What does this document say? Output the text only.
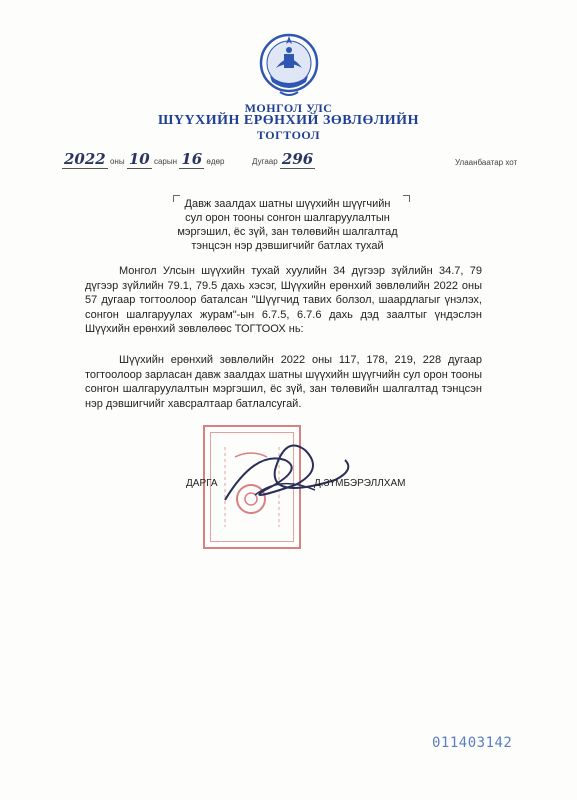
МОНГОЛ УЛС
ШҮҮХИЙН ЕРӨНХИЙ ЗӨВЛӨЛИЙН
ТОГТООЛ
2022 оны 10 сарын 16 өдөр	Дугаар 296	Улаанбаатар хот
Давж заалдах шатны шүүхийн шүүгчийн
сул орон тооны сонгон шалгаруулалтын
мэргэшил, ёс зүй, зан төлөвийн шалгалтад
тэнцсэн нэр дэвшигчийг батлах тухай
Монгол Улсын шүүхийн тухай хуулийн 34 дүгээр зүйлийн 34.7, 79 дүгээр зүйлийн 79.1, 79.5 дахь хэсэг, Шүүхийн ерөнхий зөвлөлийн 2022 оны 57 дугаар тогтоолоор баталсан "Шүүгчид тавих болзол, шаардлагыг үнэлэх, сонгон шалгаруулах журам"-ын 6.7.5, 6.7.6 дахь дэд заалтыг үндэслэн Шүүхийн ерөнхий зөвлөлөөс ТОГТООХ нь:
Шүүхийн ерөнхий зөвлөлийн 2022 оны 117, 178, 219, 228 дугаар тогтоолоор зарласан давж заалдах шатны шүүхийн шүүгчийн сул орон тооны сонгон шалгаруулалтын мэргэшил, ёс зүй, зан төлөвийн шалгалтад тэнцсэн нэр дэвшигчийг хавсралтаар батлалсугай.
ДАРГА	Д.ЗҮМБЭРЭЛЛХАМ
011403142
